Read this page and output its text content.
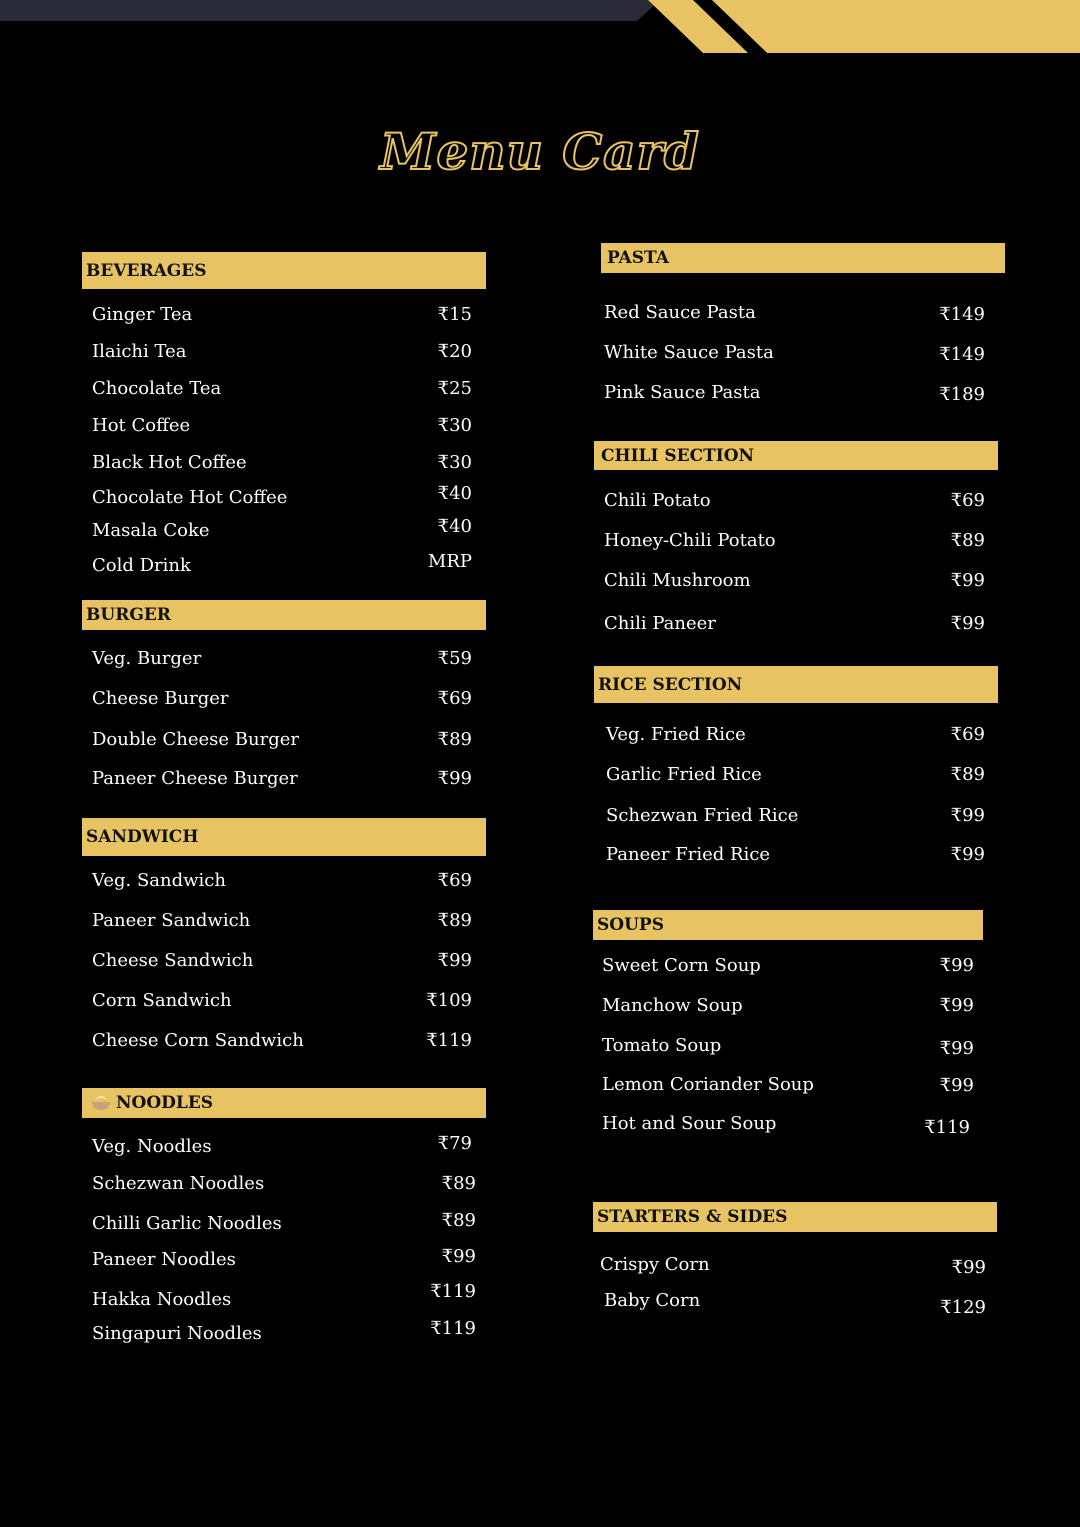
Menu Card
BEVERAGES
Ginger Tea	₹15
Ilaichi Tea	₹20
Chocolate Tea	₹25
Hot Coffee	₹30
Black Hot Coffee	₹30
Chocolate Hot Coffee	₹40
Masala Coke	₹40
Cold Drink	MRP
BURGER
Veg. Burger	₹59
Cheese Burger	₹69
Double Cheese Burger	₹89
Paneer Cheese Burger	₹99
SANDWICH
Veg. Sandwich	₹69
Paneer Sandwich	₹89
Cheese Sandwich	₹99
Corn Sandwich	₹109
Cheese Corn Sandwich	₹119
NOODLES
Veg. Noodles	₹79
Schezwan Noodles	₹89
Chilli Garlic Noodles	₹89
Paneer Noodles	₹99
Hakka Noodles	₹119
Singapuri Noodles	₹119
PASTA
Red Sauce Pasta	₹149
White Sauce Pasta	₹149
Pink Sauce Pasta	₹189
CHILI SECTION
Chili Potato	₹69
Honey-Chili Potato	₹89
Chili Mushroom	₹99
Chili Paneer	₹99
RICE SECTION
Veg. Fried Rice	₹69
Garlic Fried Rice	₹89
Schezwan Fried Rice	₹99
Paneer Fried Rice	₹99
SOUPS
Sweet Corn Soup	₹99
Manchow Soup	₹99
Tomato Soup	₹99
Lemon Coriander Soup	₹99
Hot and Sour Soup	₹119
STARTERS & SIDES
Crispy Corn	₹99
Baby Corn	₹129
